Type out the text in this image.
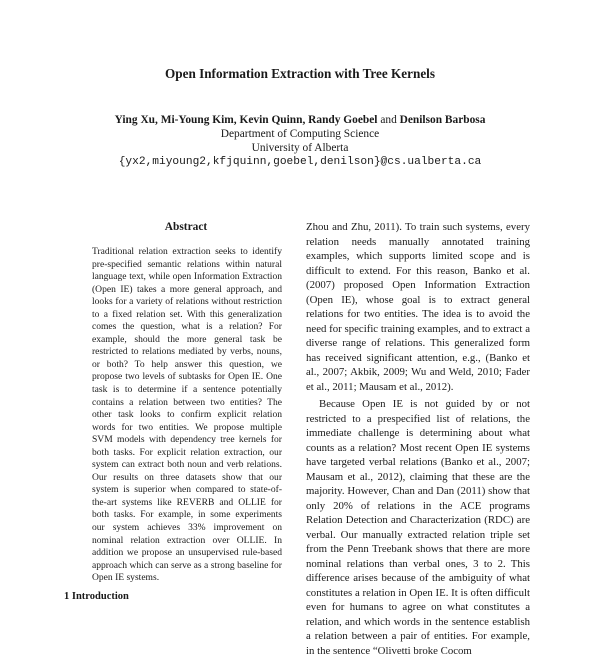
Open Information Extraction with Tree Kernels
Ying Xu, Mi-Young Kim, Kevin Quinn, Randy Goebel and Denilson Barbosa
Department of Computing Science
University of Alberta
{yx2,miyoung2,kfjquinn,goebel,denilson}@cs.ualberta.ca
Abstract
Traditional relation extraction seeks to identify pre-specified semantic relations within natural language text, while open Information Extraction (Open IE) takes a more general approach, and looks for a variety of relations without restriction to a fixed relation set. With this generalization comes the question, what is a relation? For example, should the more general task be restricted to relations mediated by verbs, nouns, or both? To help answer this question, we propose two levels of subtasks for Open IE. One task is to determine if a sentence potentially contains a relation between two entities? The other task looks to confirm explicit relation words for two entities. We propose multiple SVM models with dependency tree kernels for both tasks. For explicit relation extraction, our system can extract both noun and verb relations. Our results on three datasets show that our system is superior when compared to state-of-the-art systems like REVERB and OLLIE for both tasks. For example, in some experiments our system achieves 33% improvement on nominal relation extraction over OLLIE. In addition we propose an unsupervised rule-based approach which can serve as a strong baseline for Open IE systems.
1 Introduction

Zhou and Zhu, 2011). To train such systems, every relation needs manually annotated training examples, which supports limited scope and is difficult to extend. For this reason, Banko et al. (2007) proposed Open Information Extraction (Open IE), whose goal is to extract general relations for two entities. The idea is to avoid the need for specific training examples, and to extract a diverse range of relations. This generalized form has received significant attention, e.g., (Banko et al., 2007; Akbik, 2009; Wu and Weld, 2010; Fader et al., 2011; Mausam et al., 2012).

Because Open IE is not guided by or not restricted to a prespecified list of relations, the immediate challenge is determining about what counts as a relation? Most recent Open IE systems have targeted verbal relations (Banko et al., 2007; Mausam et al., 2012), claiming that these are the majority. However, Chan and Dan (2011) show that only 20% of relations in the ACE programs Relation Detection and Characterization (RDC) are verbal. Our manually extracted relation triple set from the Penn Treebank shows that there are more nominal relations than verbal ones, 3 to 2. This difference arises because of the ambiguity of what constitutes a relation in Open IE. It is often difficult even for humans to agree on what constitutes a relation, and which words in the sentence establish a relation between a pair of entities. For example, in the sentence “Olivetti broke Cocom
